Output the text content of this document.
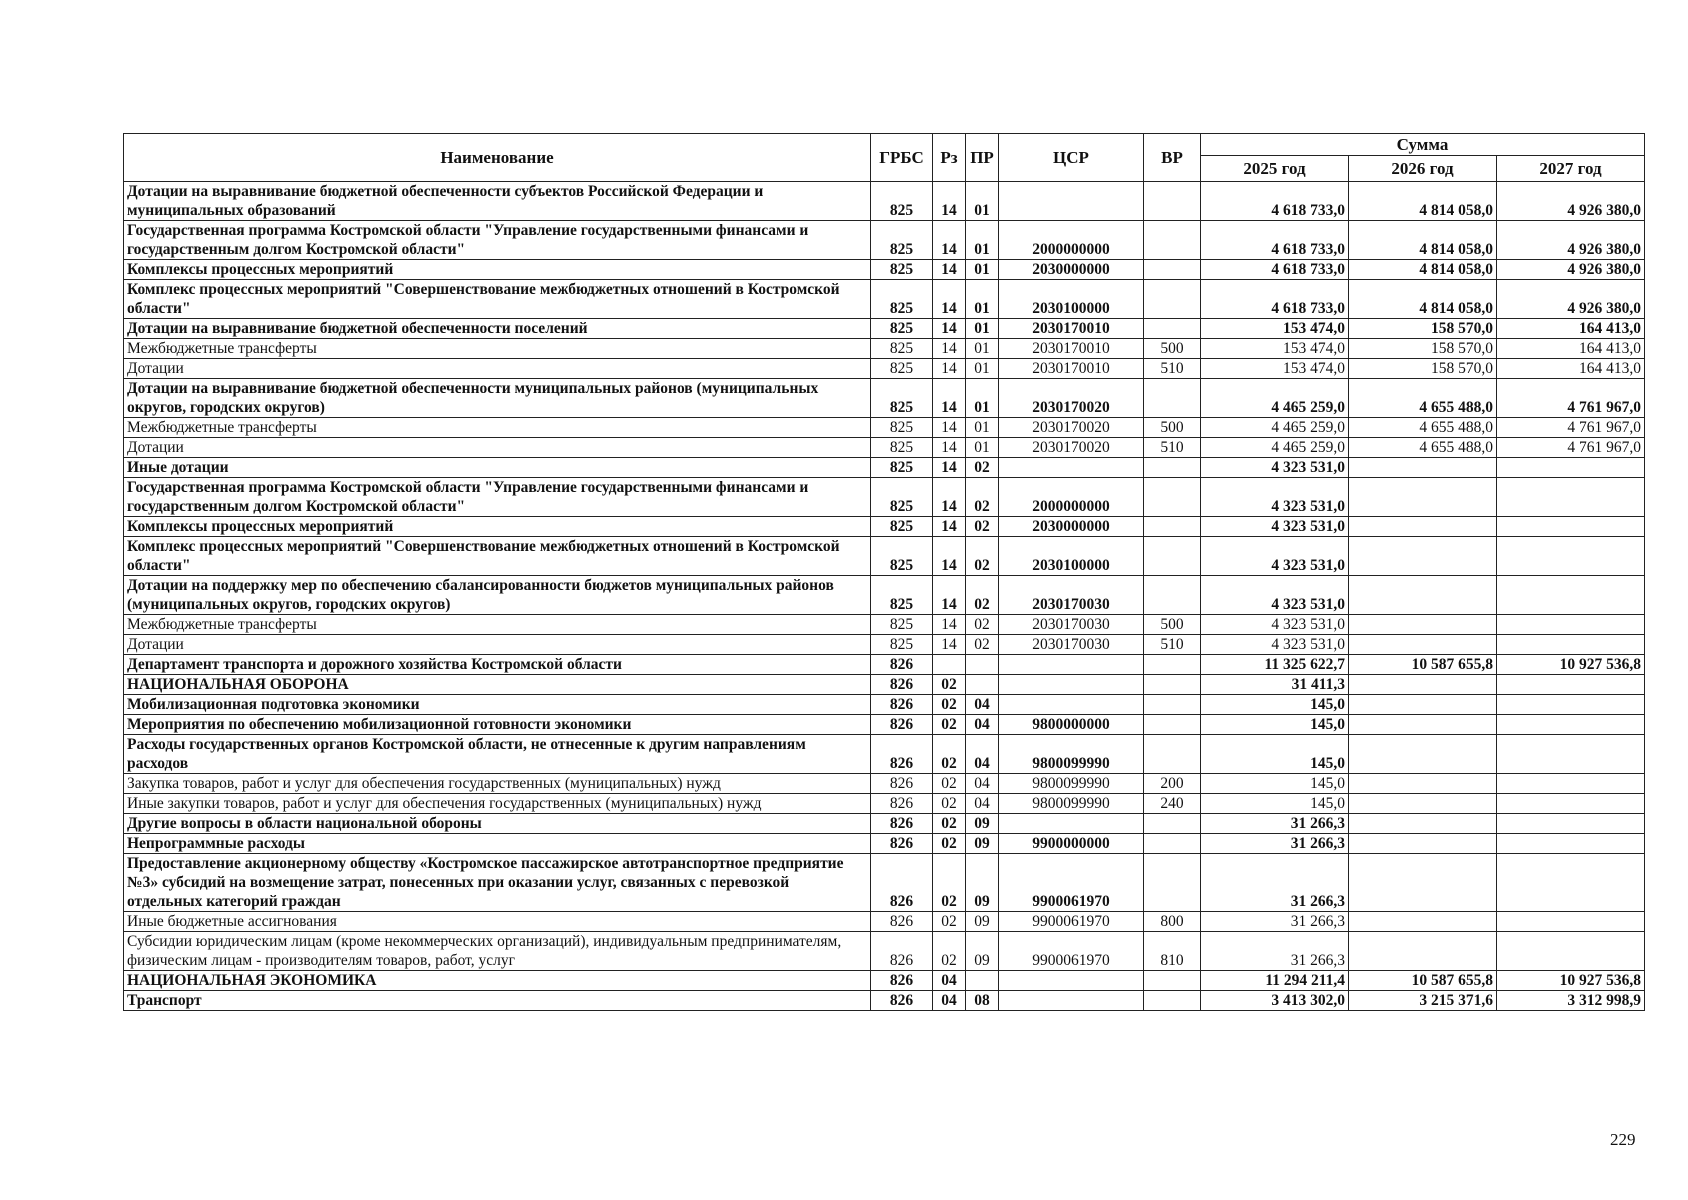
Наименование	ГРБС	Рз	ПР	ЦСР	ВР	Сумма		
						2025 год	2026 год	2027 год
Дотации на выравнивание бюджетной обеспеченности субъектов Российской Федерации и муниципальных образований	825	14	01			4 618 733,0	4 814 058,0	4 926 380,0
Государственная программа Костромской области "Управление государственными финансами и государственным долгом Костромской области"	825	14	01	2000000000		4 618 733,0	4 814 058,0	4 926 380,0
Комплексы процессных мероприятий	825	14	01	2030000000		4 618 733,0	4 814 058,0	4 926 380,0
Комплекс процессных мероприятий "Совершенствование межбюджетных отношений в Костромской области"	825	14	01	2030100000		4 618 733,0	4 814 058,0	4 926 380,0
Дотации на выравнивание бюджетной обеспеченности поселений	825	14	01	2030170010		153 474,0	158 570,0	164 413,0
Межбюджетные трансферты	825	14	01	2030170010	500	153 474,0	158 570,0	164 413,0
Дотации	825	14	01	2030170010	510	153 474,0	158 570,0	164 413,0
Дотации на выравнивание бюджетной обеспеченности муниципальных районов (муниципальных округов, городских округов)	825	14	01	2030170020		4 465 259,0	4 655 488,0	4 761 967,0
Межбюджетные трансферты	825	14	01	2030170020	500	4 465 259,0	4 655 488,0	4 761 967,0
Дотации	825	14	01	2030170020	510	4 465 259,0	4 655 488,0	4 761 967,0
Иные дотации	825	14	02			4 323 531,0		
Государственная программа Костромской области "Управление государственными финансами и государственным долгом Костромской области"	825	14	02	2000000000		4 323 531,0		
Комплексы процессных мероприятий	825	14	02	2030000000		4 323 531,0		
Комплекс процессных мероприятий "Совершенствование межбюджетных отношений в Костромской области"	825	14	02	2030100000		4 323 531,0		
Дотации на поддержку мер по обеспечению сбалансированности бюджетов муниципальных районов (муниципальных округов, городских округов)	825	14	02	2030170030		4 323 531,0		
Межбюджетные трансферты	825	14	02	2030170030	500	4 323 531,0		
Дотации	825	14	02	2030170030	510	4 323 531,0		
Департамент транспорта и дорожного хозяйства Костромской области	826					11 325 622,7	10 587 655,8	10 927 536,8
НАЦИОНАЛЬНАЯ ОБОРОНА	826	02				31 411,3		
Мобилизационная подготовка экономики	826	02	04			145,0		
Мероприятия по обеспечению мобилизационной готовности экономики	826	02	04	9800000000		145,0		
Расходы государственных органов Костромской области, не отнесенные к другим направлениям расходов	826	02	04	9800099990		145,0		
Закупка товаров, работ и услуг для обеспечения государственных (муниципальных) нужд	826	02	04	9800099990	200	145,0		
Иные закупки товаров, работ и услуг для обеспечения государственных (муниципальных) нужд	826	02	04	9800099990	240	145,0		
Другие вопросы в области национальной обороны	826	02	09			31 266,3		
Непрограммные расходы	826	02	09	9900000000		31 266,3		
Предоставление акционерному обществу «Костромское пассажирское автотранспортное предприятие №3» субсидий на возмещение затрат, понесенных при оказании услуг, связанных с перевозкой отдельных категорий граждан	826	02	09	9900061970		31 266,3		
Иные бюджетные ассигнования	826	02	09	9900061970	800	31 266,3		
Субсидии юридическим лицам (кроме некоммерческих организаций), индивидуальным предпринимателям, физическим лицам - производителям товаров, работ, услуг	826	02	09	9900061970	810	31 266,3		
НАЦИОНАЛЬНАЯ ЭКОНОМИКА	826	04				11 294 211,4	10 587 655,8	10 927 536,8
Транспорт	826	04	08			3 413 302,0	3 215 371,6	3 312 998,9
229
